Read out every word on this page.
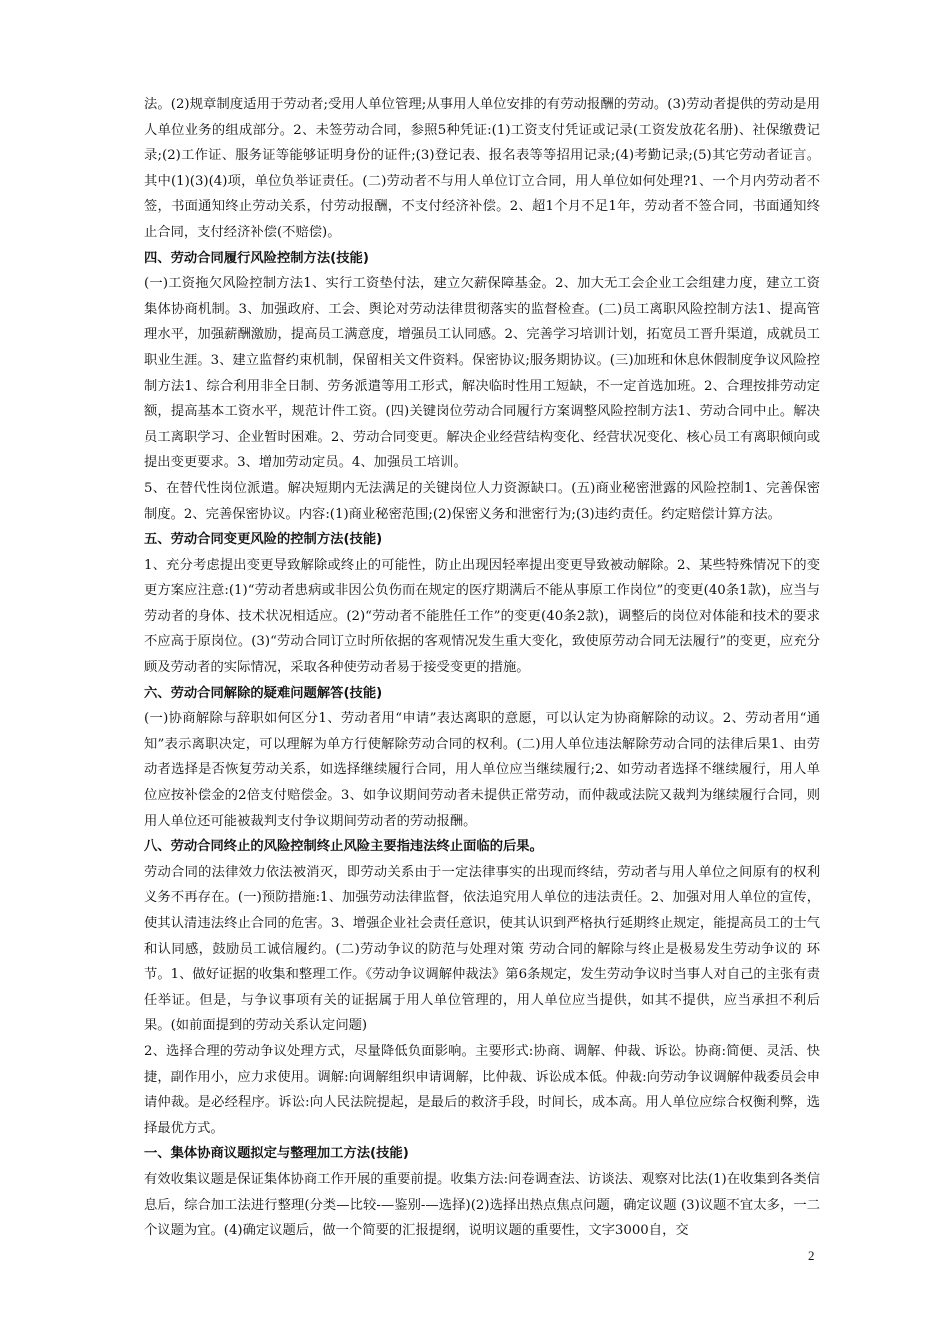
法。(2)规章制度适用于劳动者;受用人单位管理;从事用人单位安排的有劳动报酬的劳动。(3)劳动者提供的劳动是用人单位业务的组成部分。2、未签劳动合同，参照5种凭证:(1)工资支付凭证或记录(工资发放花名册)、社保缴费记录;(2)工作证、服务证等能够证明身份的证件;(3)登记表、报名表等等招用记录;(4)考勤记录;(5)其它劳动者证言。其中(1)(3)(4)项，单位负举证责任。(二)劳动者不与用人单位订立合同，用人单位如何处理?1、一个月内劳动者不签，书面通知终止劳动关系，付劳动报酬，不支付经济补偿。2、超1个月不足1年，劳动者不签合同，书面通知终止合同，支付经济补偿(不赔偿)。

四、劳动合同履行风险控制方法(技能)

(一)工资拖欠风险控制方法1、实行工资垫付法，建立欠薪保障基金。2、加大无工会企业工会组建力度，建立工资集体协商机制。3、加强政府、工会、舆论对劳动法律贯彻落实的监督检查。(二)员工离职风险控制方法1、提高管理水平，加强薪酬激励，提高员工满意度，增强员工认同感。2、完善学习培训计划，拓宽员工晋升渠道，成就员工职业生涯。3、建立监督约束机制，保留相关文件资料。保密协议;服务期协议。(三)加班和休息休假制度争议风险控制方法1、综合利用非全日制、劳务派遣等用工形式，解决临时性用工短缺，不一定首选加班。2、合理按排劳动定额，提高基本工资水平，规范计件工资。(四)关键岗位劳动合同履行方案调整风险控制方法1、劳动合同中止。解决员工离职学习、企业暂时困难。2、劳动合同变更。解决企业经营结构变化、经营状况变化、核心员工有离职倾向或提出变更要求。3、增加劳动定员。4、加强员工培训。

5、在替代性岗位派遣。解决短期内无法满足的关键岗位人力资源缺口。(五)商业秘密泄露的风险控制1、完善保密制度。2、完善保密协议。内容:(1)商业秘密范围;(2)保密义务和泄密行为;(3)违约责任。约定赔偿计算方法。

五、劳动合同变更风险的控制方法(技能)

1、充分考虑提出变更导致解除或终止的可能性，防止出现因轻率提出变更导致被动解除。2、某些特殊情况下的变更方案应注意:(1)“劳动者患病或非因公负伤而在规定的医疗期满后不能从事原工作岗位”的变更(40条1款)，应当与劳动者的身体、技术状况相适应。(2)“劳动者不能胜任工作”的变更(40条2款)，调整后的岗位对体能和技术的要求不应高于原岗位。(3)“劳动合同订立时所依据的客观情况发生重大变化，致使原劳动合同无法履行”的变更，应充分顾及劳动者的实际情况，采取各种使劳动者易于接受变更的措施。

六、劳动合同解除的疑难问题解答(技能)

(一)协商解除与辞职如何区分1、劳动者用“申请”表达离职的意愿，可以认定为协商解除的动议。2、劳动者用“通知”表示离职决定，可以理解为单方行使解除劳动合同的权利。(二)用人单位违法解除劳动合同的法律后果1、由劳动者选择是否恢复劳动关系，如选择继续履行合同，用人单位应当继续履行;2、如劳动者选择不继续履行，用人单位应按补偿金的2倍支付赔偿金。3、如争议期间劳动者未提供正常劳动，而仲裁或法院又裁判为继续履行合同，则用人单位还可能被裁判支付争议期间劳动者的劳动报酬。

八、劳动合同终止的风险控制终止风险主要指违法终止面临的后果。

劳动合同的法律效力依法被消灭，即劳动关系由于一定法律事实的出现而终结，劳动者与用人单位之间原有的权利义务不再存在。(一)预防措施:1、加强劳动法律监督，依法追究用人单位的违法责任。2、加强对用人单位的宣传，使其认清违法终止合同的危害。3、增强企业社会责任意识，使其认识到严格执行延期终止规定，能提高员工的士气和认同感，鼓励员工诚信履约。(二)劳动争议的防范与处理对策 劳动合同的解除与终止是极易发生劳动争议的 环节。1、做好证据的收集和整理工作。《劳动争议调解仲裁法》第6条规定，发生劳动争议时当事人对自己的主张有责任举证。但是，与争议事项有关的证据属于用人单位管理的，用人单位应当提供，如其不提供，应当承担不利后果。(如前面提到的劳动关系认定问题)

2、选择合理的劳动争议处理方式，尽量降低负面影响。主要形式:协商、调解、仲裁、诉讼。协商:简便、灵活、快捷，副作用小，应力求使用。调解:向调解组织申请调解，比仲裁、诉讼成本低。仲裁:向劳动争议调解仲裁委员会申请仲裁。是必经程序。诉讼:向人民法院提起，是最后的救济手段，时间长，成本高。用人单位应综合权衡利弊，选择最优方式。

一、集体协商议题拟定与整理加工方法(技能)

有效收集议题是保证集体协商工作开展的重要前提。收集方法:问卷调查法、访谈法、观察对比法(1)在收集到各类信息后，综合加工法进行整理(分类—比较-—鉴别-—选择)(2)选择出热点焦点问题，确定议题 (3)议题不宜太多，一二个议题为宜。(4)确定议题后，做一个简要的汇报提纲，说明议题的重要性，文字3000自，交

2
